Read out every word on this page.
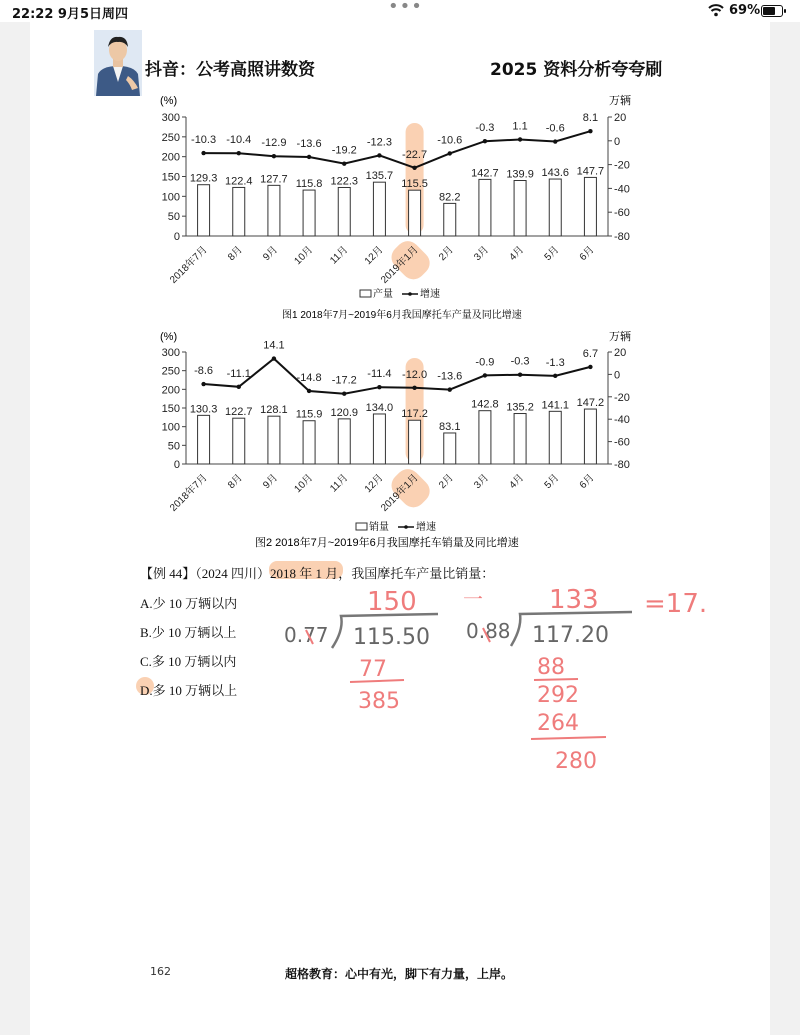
22:22 9月5日周四	•••	69%
抖音：公考高照讲数资	2025 资料分析夸夸刷
(%)	万辆
0
50
100
150
200
250
300
-80
-60
-40
-20
0
20
129.3 122.4 127.7 115.8 122.3 135.7
115.5
82.2
142.7 139.9 143.6 147.7
-10.3 -10.4 -12.9 -13.6
-19.2
-12.3
-22.7
-10.6
-0.3 1.1 -0.6
8.1
2018年7月 8月 9月 10月 11月 12月
2019年1月 2月 3月 4月 5月 6月
产量	增速
图1 2018年7月~2019年6月我国摩托车产量及同比增速
(%)	万辆
0
50
100
150
200
250
300
-80
-60
-40
-20
0
20
130.3 122.7 128.1 115.9 120.9 134.0
117.2
83.1
142.8 135.2 141.1 147.2
-8.6 -11.1
14.1
-14.8 -17.2
-11.4 -12.0 -13.6
-0.9 -0.3 -1.3
6.7
2018年7月 8月 9月 10月 11月 12月
2019年1月 2月 3月 4月 5月 6月
销量	增速
图2 2018年7月~2019年6月我国摩托车销量及同比增速
【例 44】（2024 四川）2018 年 1 月，我国摩托车产量比销量：
A.少 10 万辆以内
B.少 10 万辆以上
C.多 10 万辆以内
D.多 10 万辆以上
150
77
385
133
88
292
264
280
一	=17.
0.77 115.50 0.88 117.20
162	超格教育：心中有光，脚下有力量，上岸。
